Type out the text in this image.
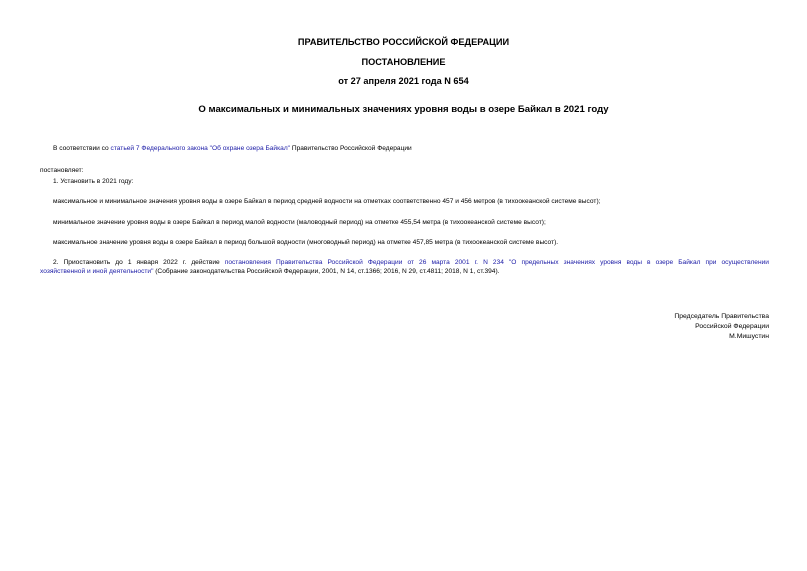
ПРАВИТЕЛЬСТВО РОССИЙСКОЙ ФЕДЕРАЦИИ
ПОСТАНОВЛЕНИЕ
от 27 апреля 2021 года N 654
О максимальных и минимальных значениях уровня воды в озере Байкал в 2021 году
В соответствии со статьей 7 Федерального закона "Об охране озера Байкал" Правительство Российской Федерации
постановляет:
1. Установить в 2021 году:
максимальное и минимальное значения уровня воды в озере Байкал в период средней водности на отметках соответственно 457 и 456 метров (в тихоокеанской системе высот);
минимальное значение уровня воды в озере Байкал в период малой водности (маловодный период) на отметке 455,54 метра (в тихоокеанской системе высот);
максимальное значение уровня воды в озере Байкал в период большой водности (многоводный период) на отметке 457,85 метра (в тихоокеанской системе высот).
2. Приостановить до 1 января 2022 г. действие постановления Правительства Российской Федерации от 26 марта 2001 г. N 234 "О предельных значениях уровня воды в озере Байкал при осуществлении
хозяйственной и иной деятельности" (Собрание законодательства Российской Федерации, 2001, N 14, ст.1366; 2016, N 29, ст.4811; 2018, N 1, ст.394).
Председатель Правительства
Российской Федерации
М.Мишустин
